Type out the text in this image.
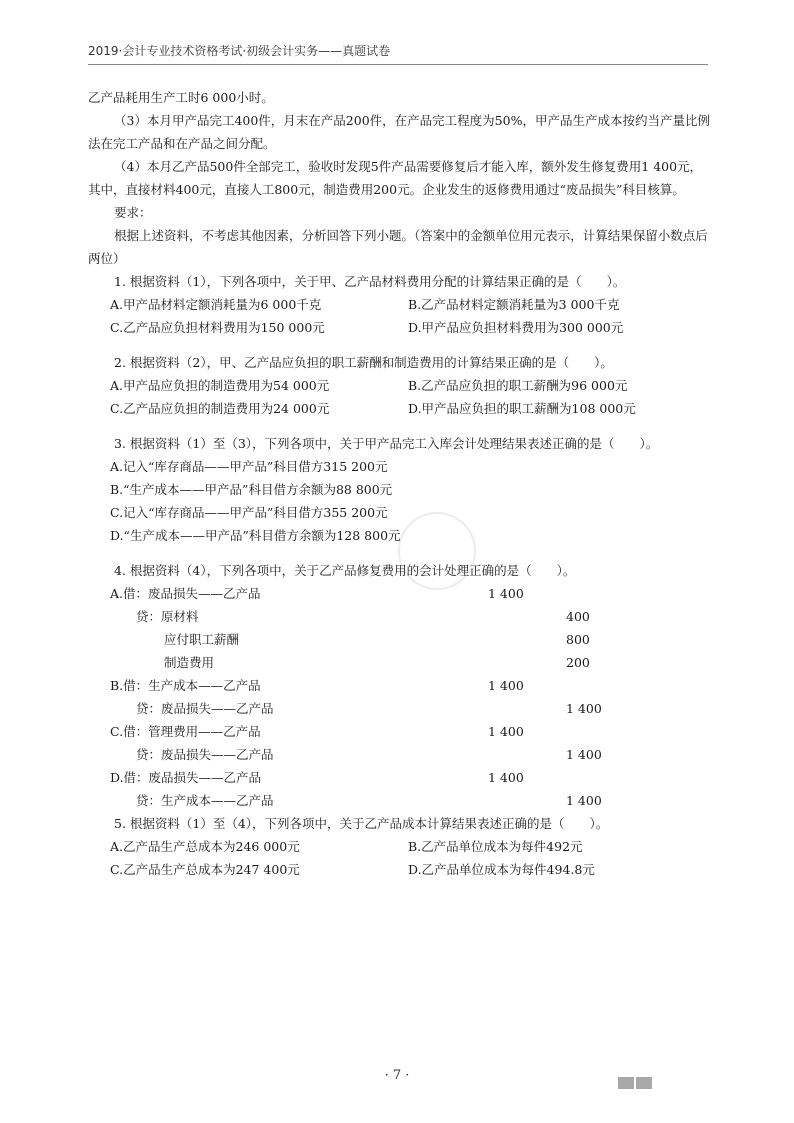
2019·会计专业技术资格考试·初级会计实务——真题试卷

乙产品耗用生产工时6 000小时。

（3）本月甲产品完工400件，月末在产品200件，在产品完工程度为50%，甲产品生产成本按约当产量比例法在完工产品和在产品之间分配。

（4）本月乙产品500件全部完工，验收时发现5件产品需要修复后才能入库，额外发生修复费用1 400元，其中，直接材料400元，直接人工800元，制造费用200元。企业发生的返修费用通过“废品损失”科目核算。

要求：

根据上述资料，不考虑其他因素，分析回答下列小题。（答案中的金额单位用元表示，计算结果保留小数点后两位）

1. 根据资料（1），下列各项中，关于甲、乙产品材料费用分配的计算结果正确的是（　　）。

A.甲产品材料定额消耗量为6 000千克	B.乙产品材料定额消耗量为3 000千克
C.乙产品应负担材料费用为150 000元	D.甲产品应负担材料费用为300 000元

2. 根据资料（2），甲、乙产品应负担的职工薪酬和制造费用的计算结果正确的是（　　）。

A.甲产品应负担的制造费用为54 000元	B.乙产品应负担的职工薪酬为96 000元
C.乙产品应负担的制造费用为24 000元	D.甲产品应负担的职工薪酬为108 000元

3. 根据资料（1）至（3），下列各项中，关于甲产品完工入库会计处理结果表述正确的是（　　）。

A.记入“库存商品——甲产品”科目借方315 200元
B.“生产成本——甲产品”科目借方余额为88 800元
C.记入“库存商品——甲产品”科目借方355 200元
D.“生产成本——甲产品”科目借方余额为128 800元

4. 根据资料（4），下列各项中，关于乙产品修复费用的会计处理正确的是（　　）。

A.借：废品损失——乙产品	1 400
贷：原材料	400
应付职工薪酬	800
制造费用	200
B.借：生产成本——乙产品	1 400
贷：废品损失——乙产品	1 400
C.借：管理费用——乙产品	1 400
贷：废品损失——乙产品	1 400
D.借：废品损失——乙产品	1 400
贷：生产成本——乙产品	1 400

5. 根据资料（1）至（4），下列各项中，关于乙产品成本计算结果表述正确的是（　　）。

A.乙产品生产总成本为246 000元	B.乙产品单位成本为每件492元
C.乙产品生产总成本为247 400元	D.乙产品单位成本为每件494.8元
· 7 ·
